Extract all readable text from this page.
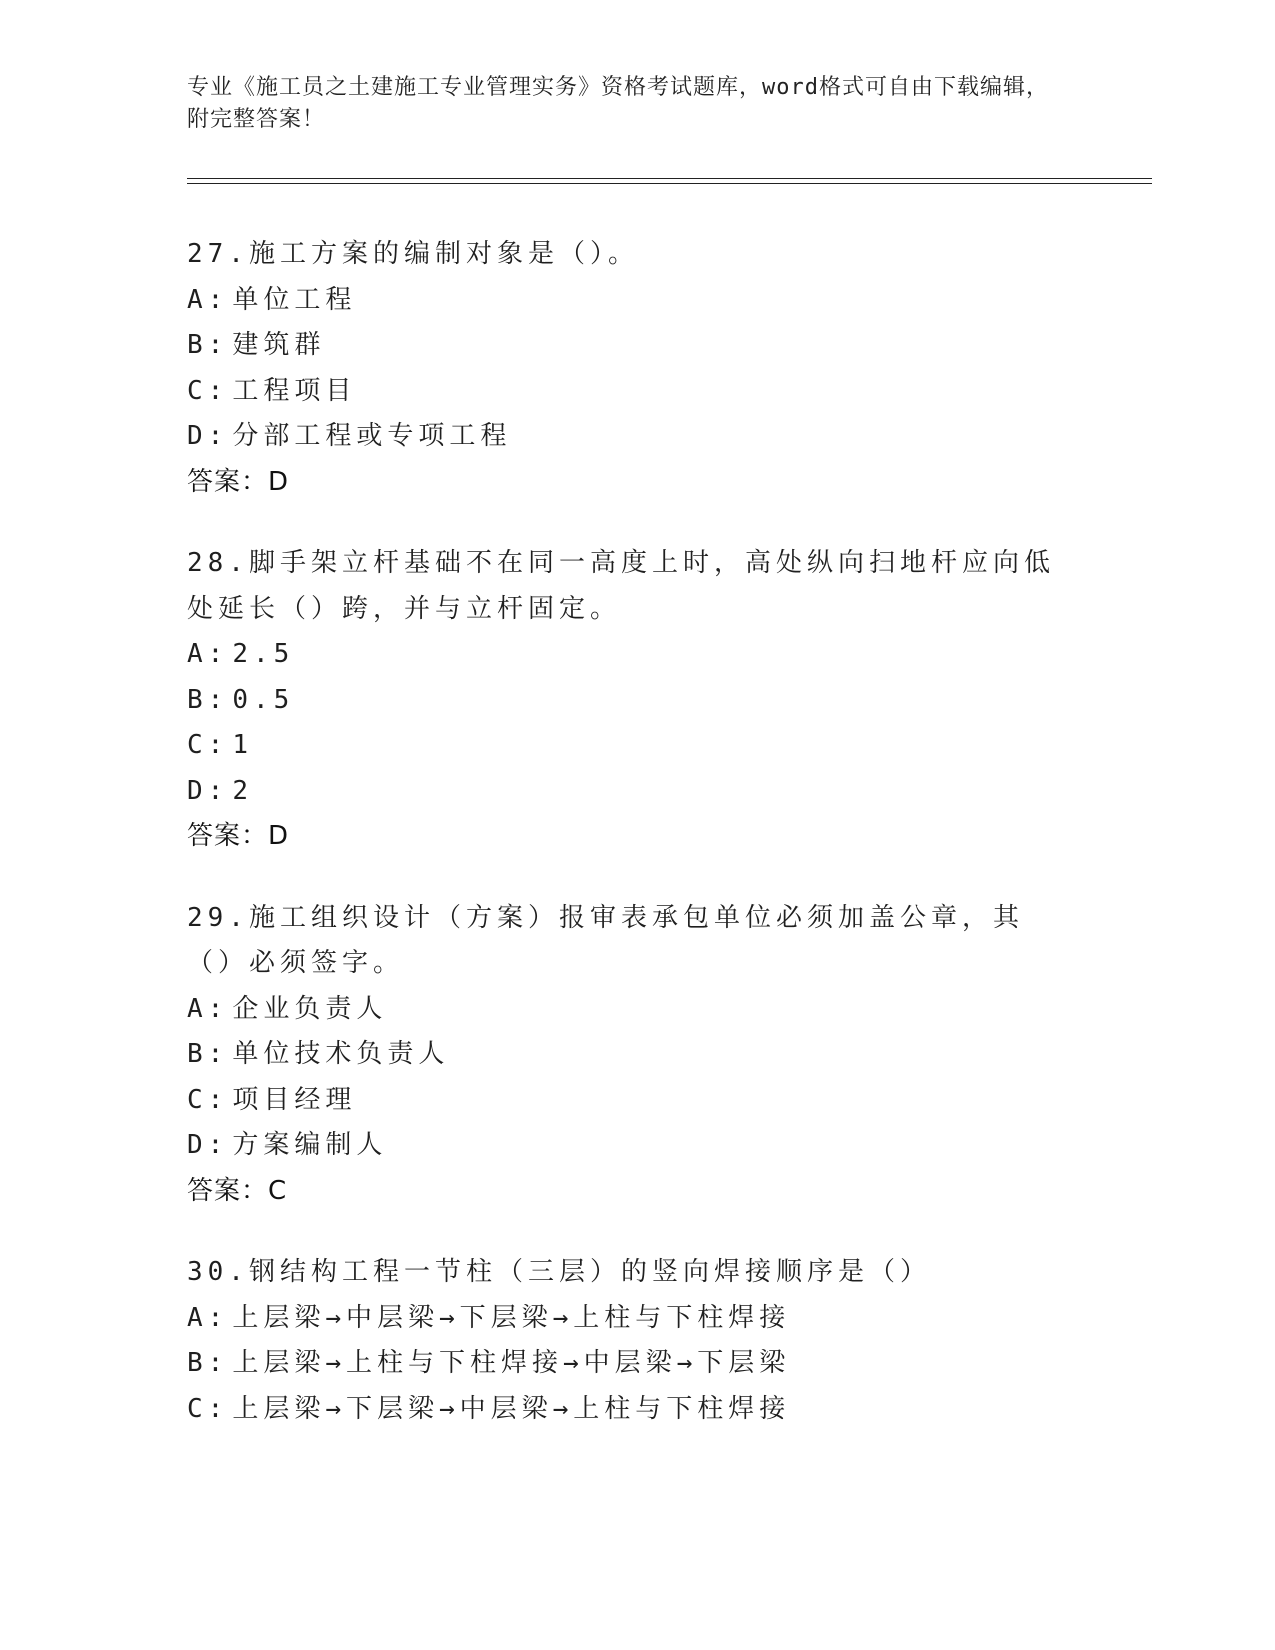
专业《施工员之土建施工专业管理实务》资格考试题库，word格式可自由下载编辑，附完整答案！
27.施工方案的编制对象是（）。
A: 单位工程
B: 建筑群
C: 工程项目
D: 分部工程或专项工程
答案：D
28.脚手架立杆基础不在同一高度上时，高处纵向扫地杆应向低处延长（）跨，并与立杆固定。
A: 2.5
B: 0.5
C: 1
D: 2
答案：D
29.施工组织设计（方案）报审表承包单位必须加盖公章，其（）必须签字。
A: 企业负责人
B: 单位技术负责人
C: 项目经理
D: 方案编制人
答案：C
30.钢结构工程一节柱（三层）的竖向焊接顺序是（）
A: 上层梁→中层梁→下层梁→上柱与下柱焊接
B: 上层梁→上柱与下柱焊接→中层梁→下层梁
C: 上层梁→下层梁→中层梁→上柱与下柱焊接
